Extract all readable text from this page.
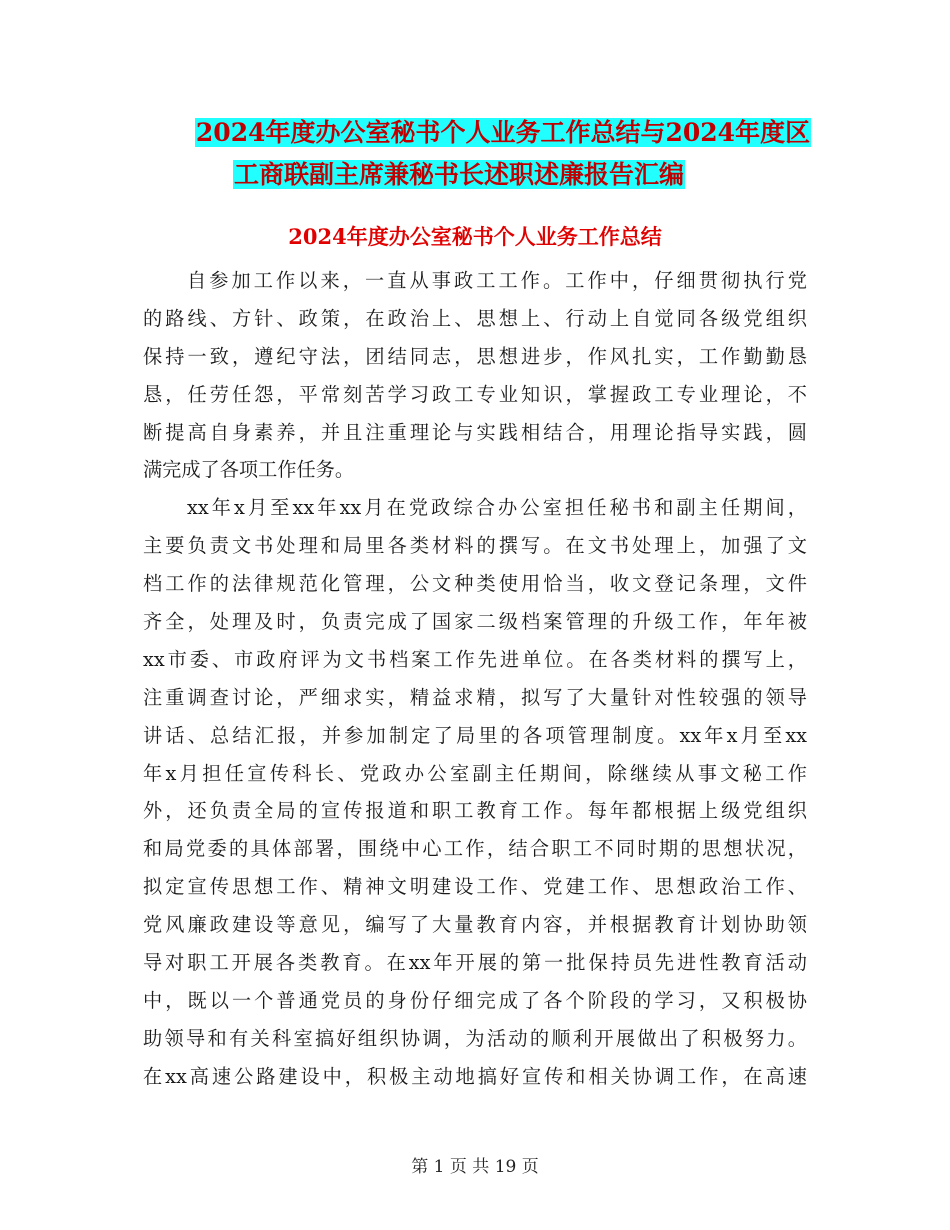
2024年度办公室秘书个人业务工作总结与2024年度区
工商联副主席兼秘书长述职述廉报告汇编
2024年度办公室秘书个人业务工作总结
自参加工作以来，一直从事政工工作。工作中，仔细贯彻执行党
的路线、方针、政策，在政治上、思想上、行动上自觉同各级党组织
保持一致，遵纪守法，团结同志，思想进步，作风扎实，工作勤勤恳
恳，任劳任怨，平常刻苦学习政工专业知识，掌握政工专业理论，不
断提高自身素养，并且注重理论与实践相结合，用理论指导实践，圆
满完成了各项工作任务。
xx年x月至xx年xx月在党政综合办公室担任秘书和副主任期间，
主要负责文书处理和局里各类材料的撰写。在文书处理上，加强了文
档工作的法律规范化管理，公文种类使用恰当，收文登记条理，文件
齐全，处理及时，负责完成了国家二级档案管理的升级工作，年年被
xx市委、市政府评为文书档案工作先进单位。在各类材料的撰写上，
注重调查讨论，严细求实，精益求精，拟写了大量针对性较强的领导
讲话、总结汇报，并参加制定了局里的各项管理制度。xx年x月至xx
年x月担任宣传科长、党政办公室副主任期间，除继续从事文秘工作
外，还负责全局的宣传报道和职工教育工作。每年都根据上级党组织
和局党委的具体部署，围绕中心工作，结合职工不同时期的思想状况，
拟定宣传思想工作、精神文明建设工作、党建工作、思想政治工作、
党风廉政建设等意见，编写了大量教育内容，并根据教育计划协助领
导对职工开展各类教育。在xx年开展的第一批保持员先进性教育活动
中，既以一个普通党员的身份仔细完成了各个阶段的学习，又积极协
助领导和有关科室搞好组织协调，为活动的顺利开展做出了积极努力。
在xx高速公路建设中，积极主动地搞好宣传和相关协调工作，在高速
第 1 页 共 19 页
